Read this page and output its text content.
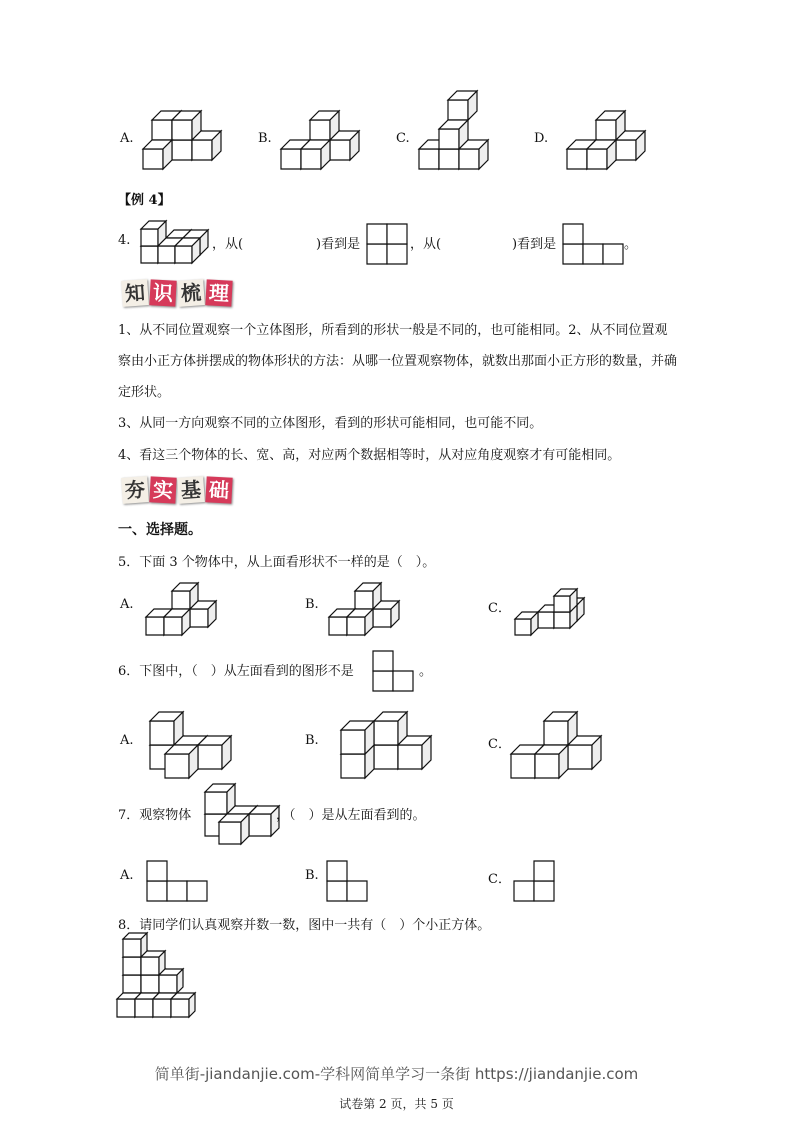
A.	B.	C.	D.
【例 4】
4.	，从(	)看到是	，从(	)看到是	。
知 识 梳 理
1、从不同位置观察一个立体图形，所看到的形状一般是不同的，也可能相同。2、从不同位置观察由小正方体拼摆成的物体形状的方法：从哪一位置观察物体，就数出那面小正方形的数量，并确定形状。
3、从同一方向观察不同的立体图形，看到的形状可能相同，也可能不同。
4、看这三个物体的长、宽、高，对应两个数据相等时，从对应角度观察才有可能相同。
夯 实 基 础
一、选择题。
5．下面 3 个物体中，从上面看形状不一样的是（　）。
A.	B.	C．
6．下图中，（　）从左面看到的图形不是	。
A.	B.	C．
7．观察物体	，（　）是从左面看到的。
A.	B.	C．
8．请同学们认真观察并数一数，图中一共有（　）个小正方体。
简单街-jiandanjie.com-学科网简单学习一条街 https://jiandanjie.com
试卷第 2 页，共 5 页
